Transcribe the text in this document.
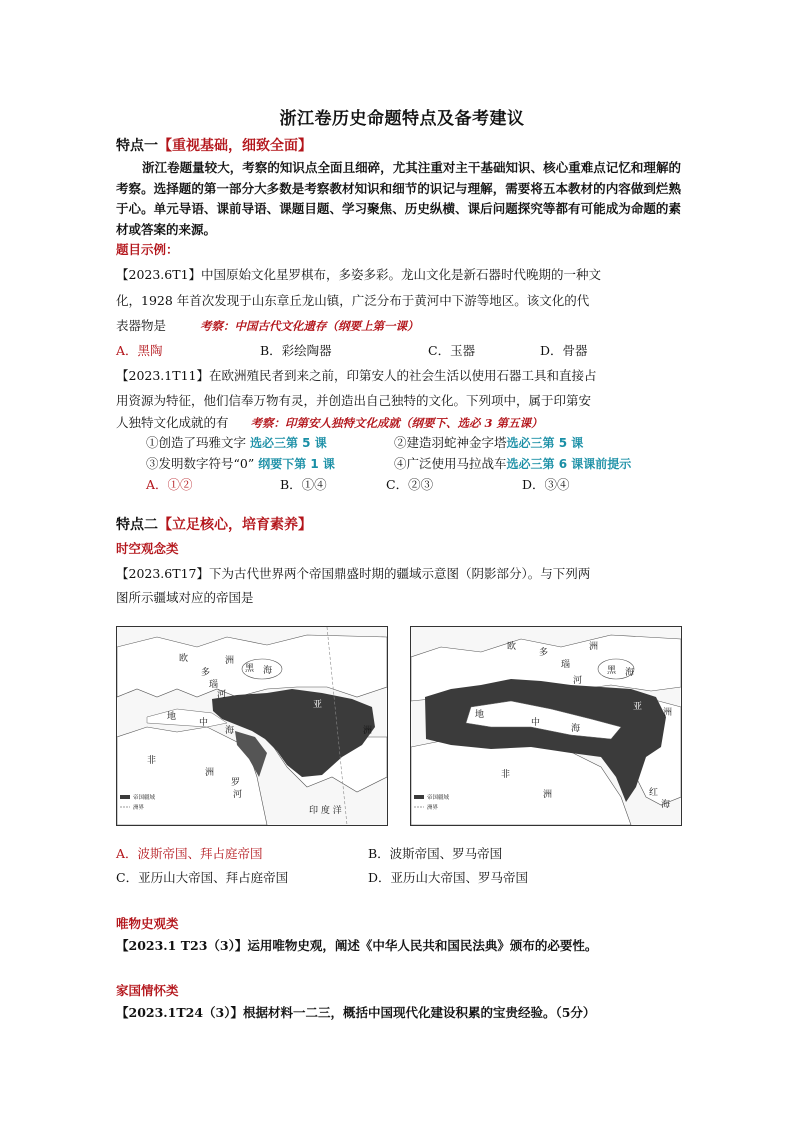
浙江卷历史命题特点及备考建议
特点一【重视基础，细致全面】
浙江卷题量较大，考察的知识点全面且细碎，尤其注重对主干基础知识、核心重难点记忆和理解的考察。选择题的第一部分大多数是考察教材知识和细节的识记与理解，需要将五本教材的内容做到烂熟于心。单元导语、课前导语、课题目题、学习聚焦、历史纵横、课后问题探究等都有可能成为命题的素材或答案的来源。
题目示例：
【2023.6T1】中国原始文化星罗棋布，多姿多彩。龙山文化是新石器时代晚期的一种文
化，1928 年首次发现于山东章丘龙山镇，广泛分布于黄河中下游等地区。该文化的代
表器物是	考察：中国古代文化遗存（纲要上第一课）
A．黑陶	B．彩绘陶器	C．玉器	D．骨器
【2023.1T11】在欧洲殖民者到来之前，印第安人的社会生活以使用石器工具和直接占
用资源为特征，他们信奉万物有灵，并创造出自己独特的文化。下列项中，属于印第安
人独特文化成就的有 考察：印第安人独特文化成就（纲要下、选必 3 第五课）
①创造了玛雅文字 选必三第 5 课	②建造羽蛇神金字塔选必三第 5 课
③发明数字符号“0” 纲要下第 1 课	④广泛使用马拉战车选必三第 6 课课前提示
A．①②	B．①④	C．②③	D．③④
特点二【立足核心，培育素养】
时空观念类
【2023.6T17】下为古代世界两个帝国鼎盛时期的疆域示意图（阴影部分）。与下列两
图所示疆域对应的帝国是
欧	洲
多
瑙
河
黑 海
地
中
海
亚
洲
非
洲
罗
河
印 度 洋
帝国疆域
洲界
欧
多
瑙
河
洲
黑 海
地
中
海
亚
洲
非
洲	红
海
帝国疆域
洲界
A．波斯帝国、拜占庭帝国	B．波斯帝国、罗马帝国
C．亚历山大帝国、拜占庭帝国	D．亚历山大帝国、罗马帝国
唯物史观类
【2023.1 T23（3）】运用唯物史观，阐述《中华人民共和国民法典》颁布的必要性。
家国情怀类
【2023.1T24（3）】根据材料一二三，概括中国现代化建设积累的宝贵经验。（5分）
